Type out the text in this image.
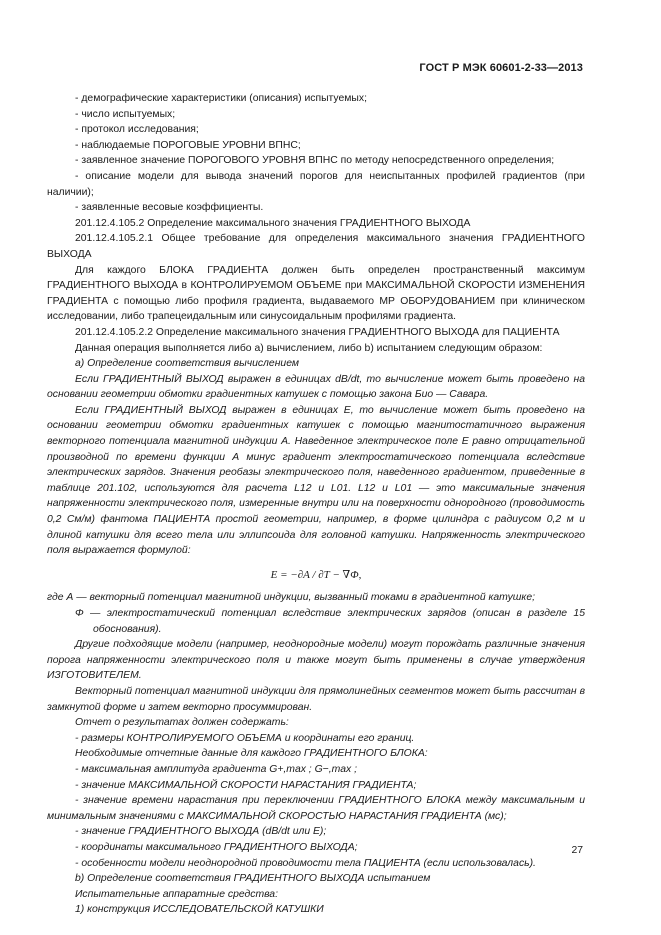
ГОСТ Р МЭК 60601-2-33—2013

- демографические характеристики (описания) испытуемых;

- число испытуемых;

- протокол исследования;

- наблюдаемые ПОРОГОВЫЕ УРОВНИ ВПНС;

- заявленное значение ПОРОГОВОГО УРОВНЯ ВПНС по методу непосредственного определения;

- описание модели для вывода значений порогов для неиспытанных профилей градиентов (при наличии);

- заявленные весовые коэффициенты.

201.12.4.105.2 Определение максимального значения ГРАДИЕНТНОГО ВЫХОДА

201.12.4.105.2.1 Общее требование для определения максимального значения ГРАДИЕНТНОГО ВЫХОДА

Для каждого БЛОКА ГРАДИЕНТА должен быть определен пространственный максимум ГРАДИЕНТНОГО ВЫХОДА в КОНТРОЛИРУЕМОМ ОБЪЕМЕ при МАКСИМАЛЬНОЙ СКОРОСТИ ИЗМЕНЕНИЯ ГРАДИЕНТА с помощью либо профиля градиента, выдаваемого МР ОБОРУДОВАНИЕМ при клиническом исследовании, либо трапецеидальным или синусоидальным профилями градиента.

201.12.4.105.2.2 Определение максимального значения ГРАДИЕНТНОГО ВЫХОДА для ПАЦИЕНТА

Данная операция выполняется либо a) вычислением, либо b) испытанием следующим образом:

a) Определение соответствия вычислением

Если ГРАДИЕНТНЫЙ ВЫХОД выражен в единицах dB/dt, то вычисление может быть проведено на основании геометрии обмотки градиентных катушек с помощью закона Био — Савара.

Если ГРАДИЕНТНЫЙ ВЫХОД выражен в единицах Е, то вычисление может быть проведено на основании геометрии обмотки градиентных катушек с помощью магнитостатичного выражения векторного потенциала магнитной индукции А. Наведенное электрическое поле Е равно отрицательной производной по времени функции А минус градиент электростатического потенциала вследствие электрических зарядов. Значения реобазы электрического поля, наведенного градиентом, приведенные в таблице 201.102, используются для расчета L12 и L01. L12 и L01 — это максимальные значения напряженности электрического поля, измеренные внутри или на поверхности однородного (проводимость 0,2 См/м) фантома ПАЦИЕНТА простой геометрии, например, в форме цилиндра с радиусом 0,2 м и длиной катушки для всего тела или эллипсоида для головной катушки. Напряженность электрического поля выражается формулой:

E = −∂A / ∂T − ∇Φ,

где А — векторный потенциал магнитной индукции, вызванный токами в градиентной катушке;

Φ — электростатический потенциал вследствие электрических зарядов (описан в разделе 15 обоснования).

Другие подходящие модели (например, неоднородные модели) могут порождать различные значения порога напряженности электрического поля и также могут быть применены в случае утверждения ИЗГОТОВИТЕЛЕМ.

Векторный потенциал магнитной индукции для прямолинейных сегментов может быть рассчитан в замкнутой форме и затем векторно просуммирован.

Отчет о результатах должен содержать:

- размеры КОНТРОЛИРУЕМОГО ОБЪЕМА и координаты его границ.

Необходимые отчетные данные для каждого ГРАДИЕНТНОГО БЛОКА:

- максимальная амплитуда градиента G+,max ; G−,max ;

- значение МАКСИМАЛЬНОЙ СКОРОСТИ НАРАСТАНИЯ ГРАДИЕНТА;

- значение времени нарастания при переключении ГРАДИЕНТНОГО БЛОКА между максимальным и минимальным значениями с МАКСИМАЛЬНОЙ СКОРОСТЬЮ НАРАСТАНИЯ ГРАДИЕНТА (мс);

- значение ГРАДИЕНТНОГО ВЫХОДА (dB/dt или E);

- координаты максимального ГРАДИЕНТНОГО ВЫХОДА;

- особенности модели неоднородной проводимости тела ПАЦИЕНТА (если использовалась).

b) Определение соответствия ГРАДИЕНТНОГО ВЫХОДА испытанием

Испытательные аппаратные средства:

1) конструкция ИССЛЕДОВАТЕЛЬСКОЙ КАТУШКИ

27
